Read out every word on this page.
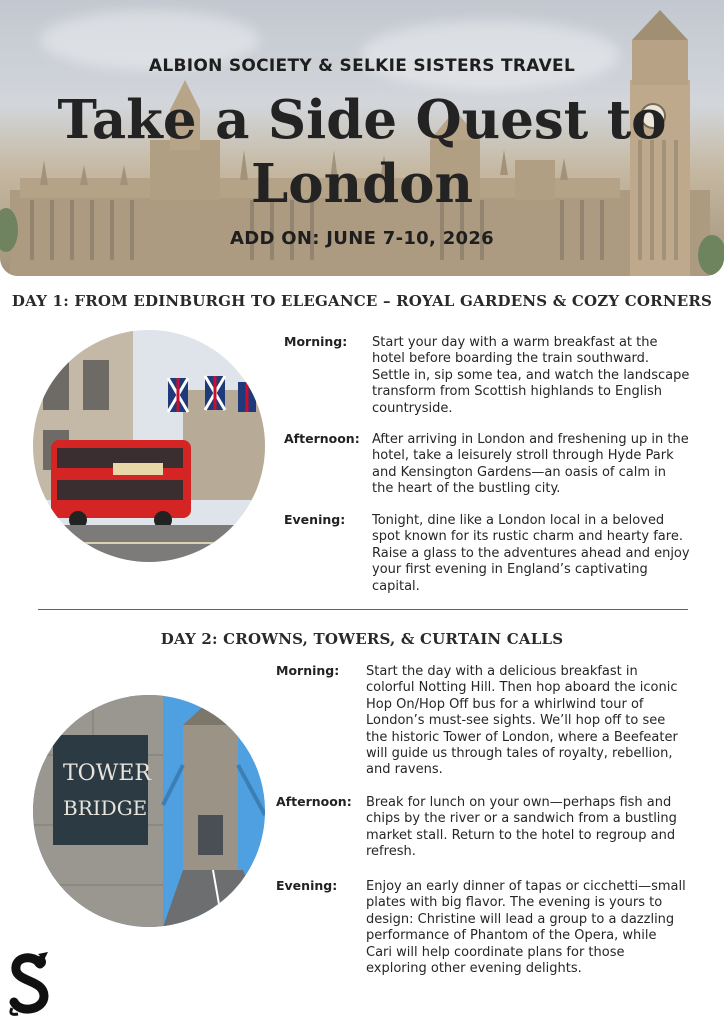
ALBION SOCIETY & SELKIE SISTERS TRAVEL
Take a Side Quest to
London
ADD ON: JUNE 7-10, 2026
DAY 1: FROM EDINBURGH TO ELEGANCE – ROYAL GARDENS & COZY CORNERS
Morning: Start your day with a warm breakfast at the hotel before boarding the train southward. Settle in, sip some tea, and watch the landscape transform from Scottish highlands to English countryside.
Afternoon: After arriving in London and freshening up in the hotel, take a leisurely stroll through Hyde Park and Kensington Gardens—an oasis of calm in the heart of the bustling city.
Evening: Tonight, dine like a London local in a beloved spot known for its rustic charm and hearty fare. Raise a glass to the adventures ahead and enjoy your first evening in England’s captivating capital.
DAY 2: CROWNS, TOWERS, & CURTAIN CALLS
TOWER
BRIDGE
Morning: Start the day with a delicious breakfast in colorful Notting Hill. Then hop aboard the iconic Hop On/Hop Off bus for a whirlwind tour of London’s must-see sights. We’ll hop off to see the historic Tower of London, where a Beefeater will guide us through tales of royalty, rebellion, and ravens.
Afternoon: Break for lunch on your own—perhaps fish and chips by the river or a sandwich from a bustling market stall. Return to the hotel to regroup and refresh.
Evening: Enjoy an early dinner of tapas or cicchetti—small plates with big flavor. The evening is yours to design: Christine will lead a group to a dazzling performance of Phantom of the Opera, while Cari will help coordinate plans for those exploring other evening delights.
